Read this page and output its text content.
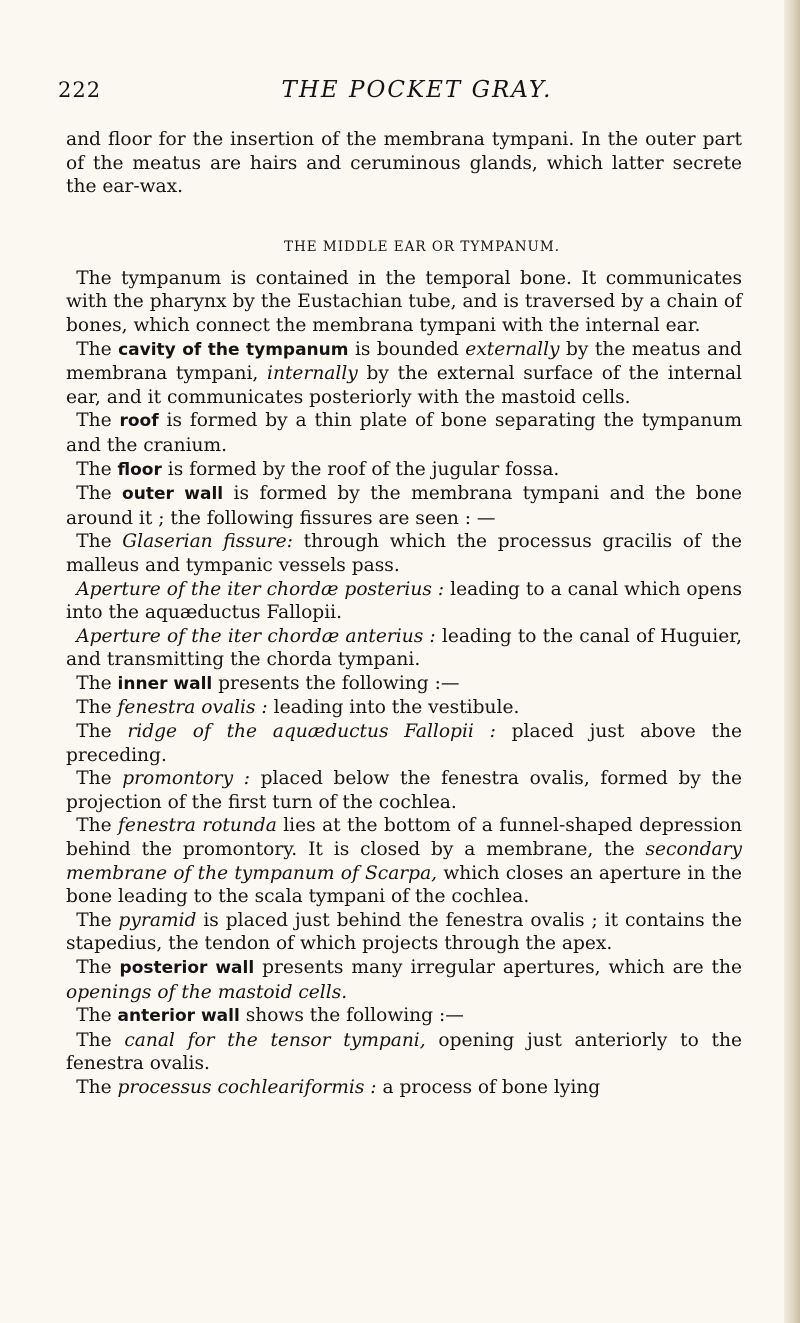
222	THE POCKET GRAY.

and floor for the insertion of the membrana tympani. In the outer part of the meatus are hairs and ceruminous glands, which latter secrete the ear-wax.

THE MIDDLE EAR OR TYMPANUM.

The tympanum is contained in the temporal bone. It communicates with the pharynx by the Eustachian tube, and is traversed by a chain of bones, which connect the membrana tympani with the internal ear.

The cavity of the tympanum is bounded externally by the meatus and membrana tympani, internally by the external surface of the internal ear, and it communicates posteriorly with the mastoid cells.

The roof is formed by a thin plate of bone separating the tympanum and the cranium.

The floor is formed by the roof of the jugular fossa.

The outer wall is formed by the membrana tympani and the bone around it ; the following fissures are seen : —

The Glaserian fissure: through which the processus gracilis of the malleus and tympanic vessels pass.

Aperture of the iter chordæ posterius : leading to a canal which opens into the aquæductus Fallopii.

Aperture of the iter chordæ anterius : leading to the canal of Huguier, and transmitting the chorda tympani.

The inner wall presents the following :—

The fenestra ovalis : leading into the vestibule.

The ridge of the aquæductus Fallopii : placed just above the preceding.

The promontory : placed below the fenestra ovalis, formed by the projection of the first turn of the cochlea.

The fenestra rotunda lies at the bottom of a funnel-shaped depression behind the promontory. It is closed by a membrane, the secondary membrane of the tympanum of Scarpa, which closes an aperture in the bone leading to the scala tympani of the cochlea.

The pyramid is placed just behind the fenestra ovalis ; it contains the stapedius, the tendon of which projects through the apex.

The posterior wall presents many irregular apertures, which are the openings of the mastoid cells.

The anterior wall shows the following :—

The canal for the tensor tympani, opening just anteriorly to the fenestra ovalis.

The processus cochleariformis : a process of bone lying
